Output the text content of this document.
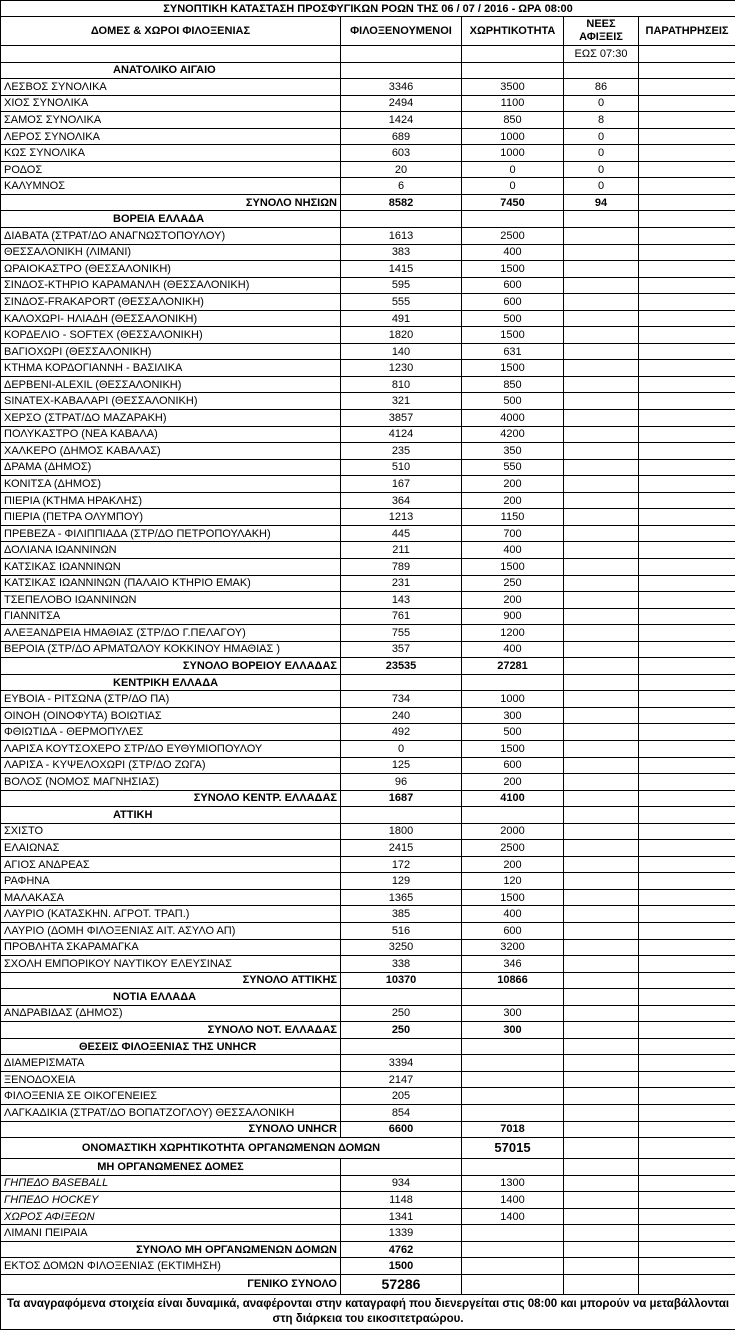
ΣΥΝΟΠΤΙΚΗ ΚΑΤΑΣΤΑΣΗ ΠΡΟΣΦΥΓΙΚΩΝ ΡΟΩΝ ΤΗΣ 06 / 07 / 2016 - ΩΡΑ 08:00				
ΔΟΜΕΣ & ΧΩΡΟΙ ΦΙΛΟΞΕΝΙΑΣ	ΦΙΛΟΞΕΝΟΥΜΕΝΟΙ	ΧΩΡΗΤΙΚΟΤΗΤΑ	ΝΕΕΣ ΑΦΙΞΕΙΣ	ΠΑΡΑΤΗΡΗΣΕΙΣ
			ΕΩΣ 07:30	
ΑΝΑΤΟΛΙΚΟ ΑΙΓΑΙΟ				
ΛΕΣΒΟΣ ΣΥΝΟΛΙΚΑ	3346	3500	86	
ΧΙΟΣ ΣΥΝΟΛΙΚΑ	2494	1100	0	
ΣΑΜΟΣ ΣΥΝΟΛΙΚΑ	1424	850	8	
ΛΕΡΟΣ ΣΥΝΟΛΙΚΑ	689	1000	0	
ΚΩΣ ΣΥΝΟΛΙΚΑ	603	1000	0	
ΡΟΔΟΣ	20	0	0	
ΚΑΛΥΜΝΟΣ	6	0	0	
ΣΥΝΟΛΟ ΝΗΣΙΩΝ	8582	7450	94	
ΒΟΡΕΙΑ ΕΛΛΑΔΑ				
ΔΙΑΒΑΤΑ (ΣΤΡΑΤ/ΔΟ ΑΝΑΓΝΩΣΤΟΠΟΥΛΟΥ)	1613	2500		
ΘΕΣΣΑΛΟΝΙΚΗ (ΛΙΜΑΝΙ)	383	400		
ΩΡΑΙΟΚΑΣΤΡΟ (ΘΕΣΣΑΛΟΝΙΚΗ)	1415	1500		
ΣΙΝΔΟΣ-ΚΤΗΡΙΟ ΚΑΡΑΜΑΝΛΗ (ΘΕΣΣΑΛΟΝΙΚΗ)	595	600		
ΣΙΝΔΟΣ-FRAKAPORT (ΘΕΣΣΑΛΟΝΙΚΗ)	555	600		
ΚΑΛΟΧΩΡΙ- ΗΛΙΑΔΗ (ΘΕΣΣΑΛΟΝΙΚΗ)	491	500		
ΚΟΡΔΕΛΙΟ - SOFTEX (ΘΕΣΣΑΛΟΝΙΚΗ)	1820	1500		
ΒΑΓΙΟΧΩΡΙ (ΘΕΣΣΑΛΟΝΙΚΗ)	140	631		
ΚΤΗΜΑ ΚΟΡΔΟΓΙΑΝΝΗ - ΒΑΣΙΛΙΚΑ	1230	1500		
ΔΕΡΒΕΝΙ-ALEXIL (ΘΕΣΣΑΛΟΝΙΚΗ)	810	850		
SINATEX-ΚΑΒΑΛΑΡΙ (ΘΕΣΣΑΛΟΝΙΚΗ)	321	500		
ΧΕΡΣΟ (ΣΤΡΑΤ/ΔΟ ΜΑΖΑΡΑΚΗ)	3857	4000		
ΠΟΛΥΚΑΣΤΡΟ (ΝΕΑ ΚΑΒΑΛΑ)	4124	4200		
ΧΑΛΚΕΡΟ (ΔΗΜΟΣ ΚΑΒΑΛΑΣ)	235	350		
ΔΡΑΜΑ (ΔΗΜΟΣ)	510	550		
ΚΟΝΙΤΣΑ (ΔΗΜΟΣ)	167	200		
ΠΙΕΡΙΑ (ΚΤΗΜΑ ΗΡΑΚΛΗΣ)	364	200		
ΠΙΕΡΙΑ (ΠΕΤΡΑ ΟΛΥΜΠΟΥ)	1213	1150		
ΠΡΕΒΕΖΑ - ΦΙΛΙΠΠΙΑΔΑ (ΣΤΡ/ΔΟ ΠΕΤΡΟΠΟΥΛΑΚΗ)	445	700		
ΔΟΛΙΑΝΑ ΙΩΑΝΝΙΝΩΝ	211	400		
ΚΑΤΣΙΚΑΣ ΙΩΑΝΝΙΝΩΝ	789	1500		
ΚΑΤΣΙΚΑΣ ΙΩΑΝΝΙΝΩΝ (ΠΑΛΑΙΟ ΚΤΗΡΙΟ ΕΜΑΚ)	231	250		
ΤΣΕΠΕΛΟΒΟ ΙΩΑΝΝΙΝΩΝ	143	200		
ΓΙΑΝΝΙΤΣΑ	761	900		
ΑΛΕΞΑΝΔΡΕΙΑ ΗΜΑΘΙΑΣ (ΣΤΡ/ΔΟ Γ.ΠΕΛΑΓΟΥ)	755	1200		
ΒΕΡΟΙΑ (ΣΤΡ/ΔΟ ΑΡΜΑΤΩΛΟΥ ΚΟΚΚΙΝΟΥ ΗΜΑΘΙΑΣ )	357	400		
ΣΥΝΟΛΟ ΒΟΡΕΙΟΥ ΕΛΛΑΔΑΣ	23535	27281		
ΚΕΝΤΡΙΚΗ ΕΛΛΑΔΑ				
ΕΥΒΟΙΑ - ΡΙΤΣΩΝΑ (ΣΤΡ/ΔΟ ΠΑ)	734	1000		
ΟΙΝΟΗ (ΟΙΝΟΦΥΤΑ) ΒΟΙΩΤΙΑΣ	240	300		
ΦΘΙΩΤΙΔΑ - ΘΕΡΜΟΠΥΛΕΣ	492	500		
ΛΑΡΙΣΑ ΚΟΥΤΣΟΧΕΡΟ ΣΤΡ/ΔΟ ΕΥΘΥΜΙΟΠΟΥΛΟΥ	0	1500		
ΛΑΡΙΣΑ - ΚΥΨΕΛΟΧΩΡΙ (ΣΤΡ/ΔΟ ΖΩΓΑ)	125	600		
ΒΟΛΟΣ (ΝΟΜΟΣ ΜΑΓΝΗΣΙΑΣ)	96	200		
ΣΥΝΟΛΟ ΚΕΝΤΡ. ΕΛΛΑΔΑΣ	1687	4100		
ΑΤΤΙΚΗ				
ΣΧΙΣΤΟ	1800	2000		
ΕΛΑΙΩΝΑΣ	2415	2500		
ΑΓΙΟΣ ΑΝΔΡΕΑΣ	172	200		
ΡΑΦΗΝΑ	129	120		
ΜΑΛΑΚΑΣΑ	1365	1500		
ΛΑΥΡΙΟ (ΚΑΤΑΣΚΗΝ. ΑΓΡΟΤ. ΤΡΑΠ.)	385	400		
ΛΑΥΡΙΟ (ΔΟΜΗ ΦΙΛΟΞΕΝΙΑΣ ΑΙΤ. ΑΣΥΛΟ ΑΠ)	516	600		
ΠΡΟΒΛΗΤΑ ΣΚΑΡΑΜΑΓΚΑ	3250	3200		
ΣΧΟΛΗ ΕΜΠΟΡΙΚΟΥ ΝΑΥΤΙΚΟΥ ΕΛΕΥΣΙΝΑΣ	338	346		
ΣΥΝΟΛΟ ΑΤΤΙΚΗΣ	10370	10866		
ΝΟΤΙΑ ΕΛΛΑΔΑ				
ΑΝΔΡΑΒΙΔΑΣ (ΔΗΜΟΣ)	250	300		
ΣΥΝΟΛΟ ΝΟΤ. ΕΛΛΑΔΑΣ	250	300		
ΘΕΣΕΙΣ ΦΙΛΟΞΕΝΙΑΣ ΤΗΣ UNHCR				
ΔΙΑΜΕΡΙΣΜΑΤΑ	3394			
ΞΕΝΟΔΟΧΕΙΑ	2147			
ΦΙΛΟΞΕΝΙΑ ΣΕ ΟΙΚΟΓΕΝΕΙΕΣ	205			
ΛΑΓΚΑΔΙΚΙΑ (ΣΤΡΑΤ/ΔΟ ΒΟΠΑΤΖΟΓΛΟΥ) ΘΕΣΣΑΛΟΝΙΚΗ	854			
ΣΥΝΟΛΟ UNHCR	6600	7018		
ΟΝΟΜΑΣΤΙΚΗ ΧΩΡΗΤΙΚΟΤΗΤΑ ΟΡΓΑΝΩΜΕΝΩΝ ΔΟΜΩΝ		57015		
ΜΗ ΟΡΓΑΝΩΜΕΝΕΣ ΔΟΜΕΣ				
ΓΗΠΕΔΟ BASEBALL	934	1300		
ΓΗΠΕΔΟ HOCKEY	1148	1400		
ΧΩΡΟΣ ΑΦΙΞΕΩΝ	1341	1400		
ΛΙΜΑΝΙ ΠΕΙΡΑΙΑ	1339			
ΣΥΝΟΛΟ ΜΗ ΟΡΓΑΝΩΜΕΝΩΝ ΔΟΜΩΝ	4762			
ΕΚΤΟΣ ΔΟΜΩΝ ΦΙΛΟΞΕΝΙΑΣ (ΕΚΤΙΜΗΣΗ)	1500			
ΓΕΝΙΚΟ ΣΥΝΟΛΟ	57286			
Τα αναγραφόμενα στοιχεία είναι δυναμικά, αναφέρονται στην καταγραφή που διενεργείται στις 08:00 και μπορούν να μεταβάλλονται στη διάρκεια του εικοσιτετραώρου.				
